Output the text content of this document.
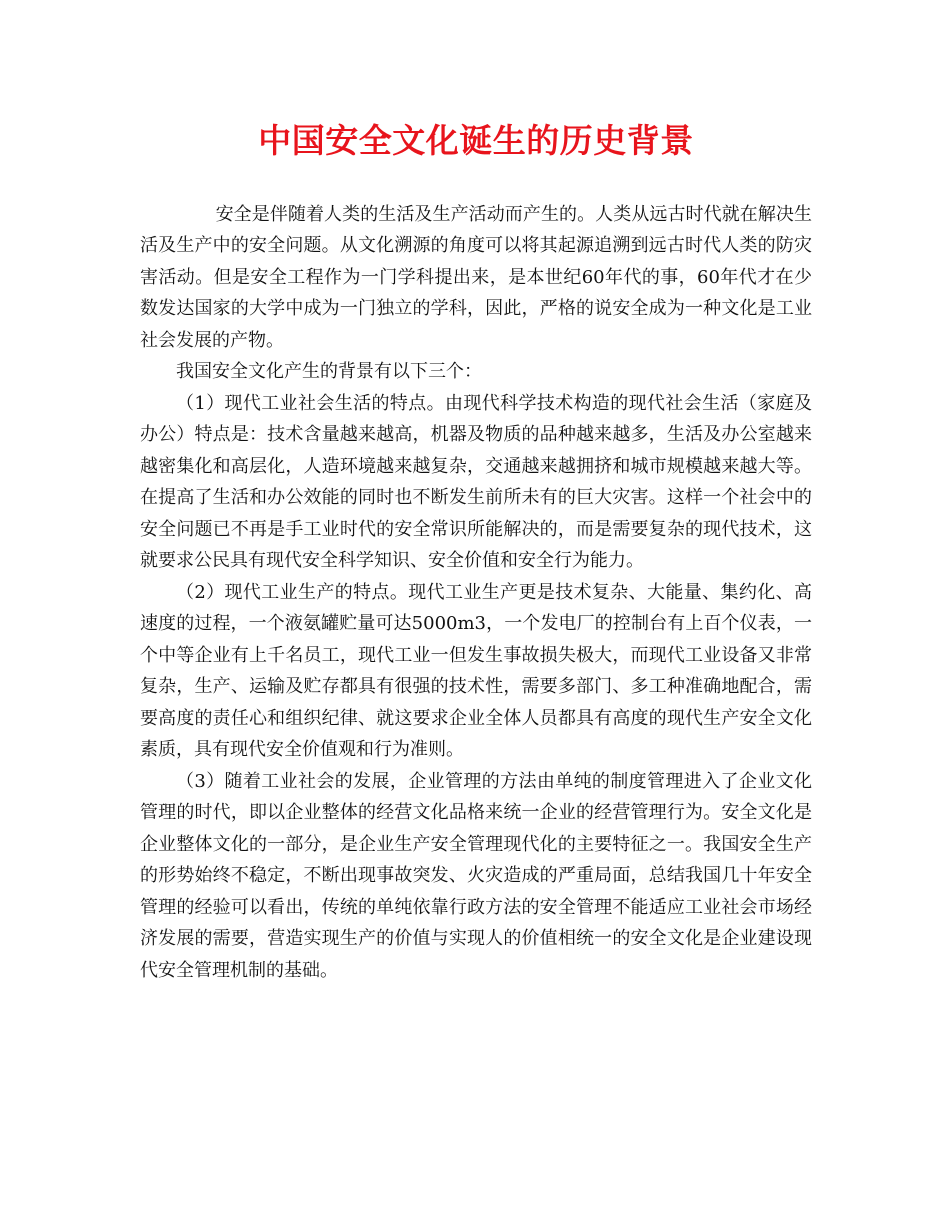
中国安全文化诞生的历史背景

安全是伴随着人类的生活及生产活动而产生的。人类从远古时代就在解决生活及生产中的安全问题。从文化溯源的角度可以将其起源追溯到远古时代人类的防灾害活动。但是安全工程作为一门学科提出来，是本世纪60年代的事，60年代才在少数发达国家的大学中成为一门独立的学科，因此，严格的说安全成为一种文化是工业社会发展的产物。

我国安全文化产生的背景有以下三个：

（1）现代工业社会生活的特点。由现代科学技术构造的现代社会生活（家庭及办公）特点是：技术含量越来越高，机器及物质的品种越来越多，生活及办公室越来越密集化和高层化，人造环境越来越复杂，交通越来越拥挤和城市规模越来越大等。在提高了生活和办公效能的同时也不断发生前所未有的巨大灾害。这样一个社会中的安全问题已不再是手工业时代的安全常识所能解决的，而是需要复杂的现代技术，这就要求公民具有现代安全科学知识、安全价值和安全行为能力。

（2）现代工业生产的特点。现代工业生产更是技术复杂、大能量、集约化、高速度的过程，一个液氨罐贮量可达5000m3，一个发电厂的控制台有上百个仪表，一个中等企业有上千名员工，现代工业一但发生事故损失极大，而现代工业设备又非常复杂，生产、运输及贮存都具有很强的技术性，需要多部门、多工种准确地配合，需要高度的责任心和组织纪律、就这要求企业全体人员都具有高度的现代生产安全文化素质，具有现代安全价值观和行为准则。

（3）随着工业社会的发展，企业管理的方法由单纯的制度管理进入了企业文化管理的时代，即以企业整体的经营文化品格来统一企业的经营管理行为。安全文化是企业整体文化的一部分，是企业生产安全管理现代化的主要特征之一。我国安全生产的形势始终不稳定，不断出现事故突发、火灾造成的严重局面，总结我国几十年安全管理的经验可以看出，传统的单纯依靠行政方法的安全管理不能适应工业社会市场经济发展的需要，营造实现生产的价值与实现人的价值相统一的安全文化是企业建设现代安全管理机制的基础。
